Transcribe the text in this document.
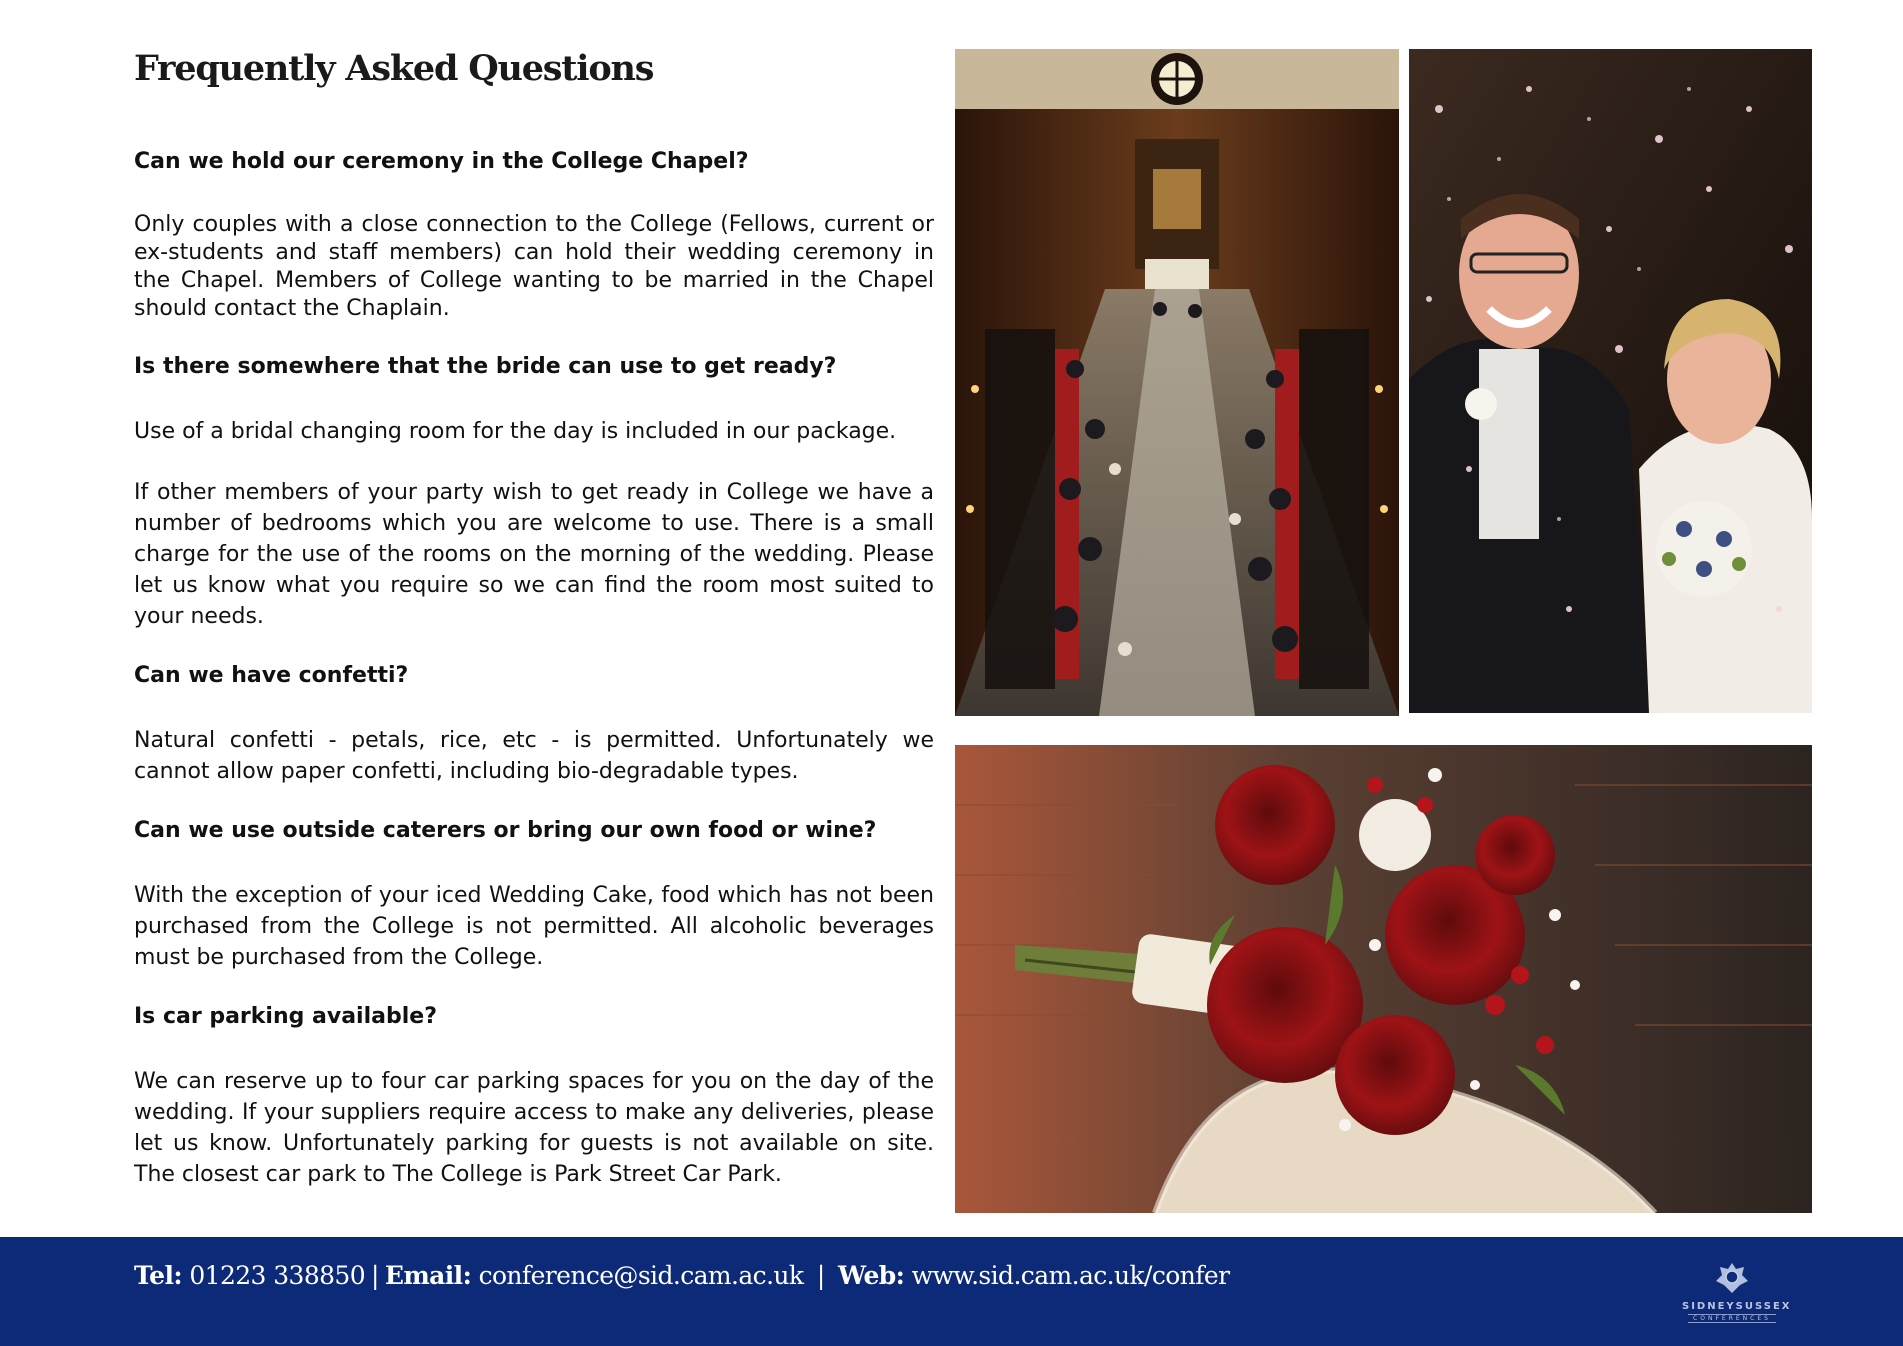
Frequently Asked Questions
Can we hold our ceremony in the College Chapel?

Only couples with a close connection to the College (Fellows, current or ex-students and staff members) can hold their wedding ceremony in the Chapel. Members of College wanting to be married in the Chapel should contact the Chaplain.

Is there somewhere that the bride can use to get ready?

Use of a bridal changing room for the day is included in our package.

If other members of your party wish to get ready in College we have a number of bedrooms which you are welcome to use. There is a small charge for the use of the rooms on the morning of the wedding. Please let us know what you require so we can find the room most suited to your needs.

Can we have confetti?

Natural confetti - petals, rice, etc - is permitted. Unfortunately we cannot allow paper confetti, including bio-degradable types.

Can we use outside caterers or bring our own food or wine?

With the exception of your iced Wedding Cake, food which has not been purchased from the College is not permitted. All alcoholic beverages must be purchased from the College.

Is car parking available?

We can reserve up to four car parking spaces for you on the day of the wedding. If your suppliers require access to make any deliveries, please let us know. Unfortunately parking for guests is not available on site. The closest car park to The College is Park Street Car Park.

Tel: 01223 338850 | Email: conference@sid.cam.ac.uk | Web: www.sid.cam.ac.uk/confer
SIDNEYSUSSEX
CONFERENCES
